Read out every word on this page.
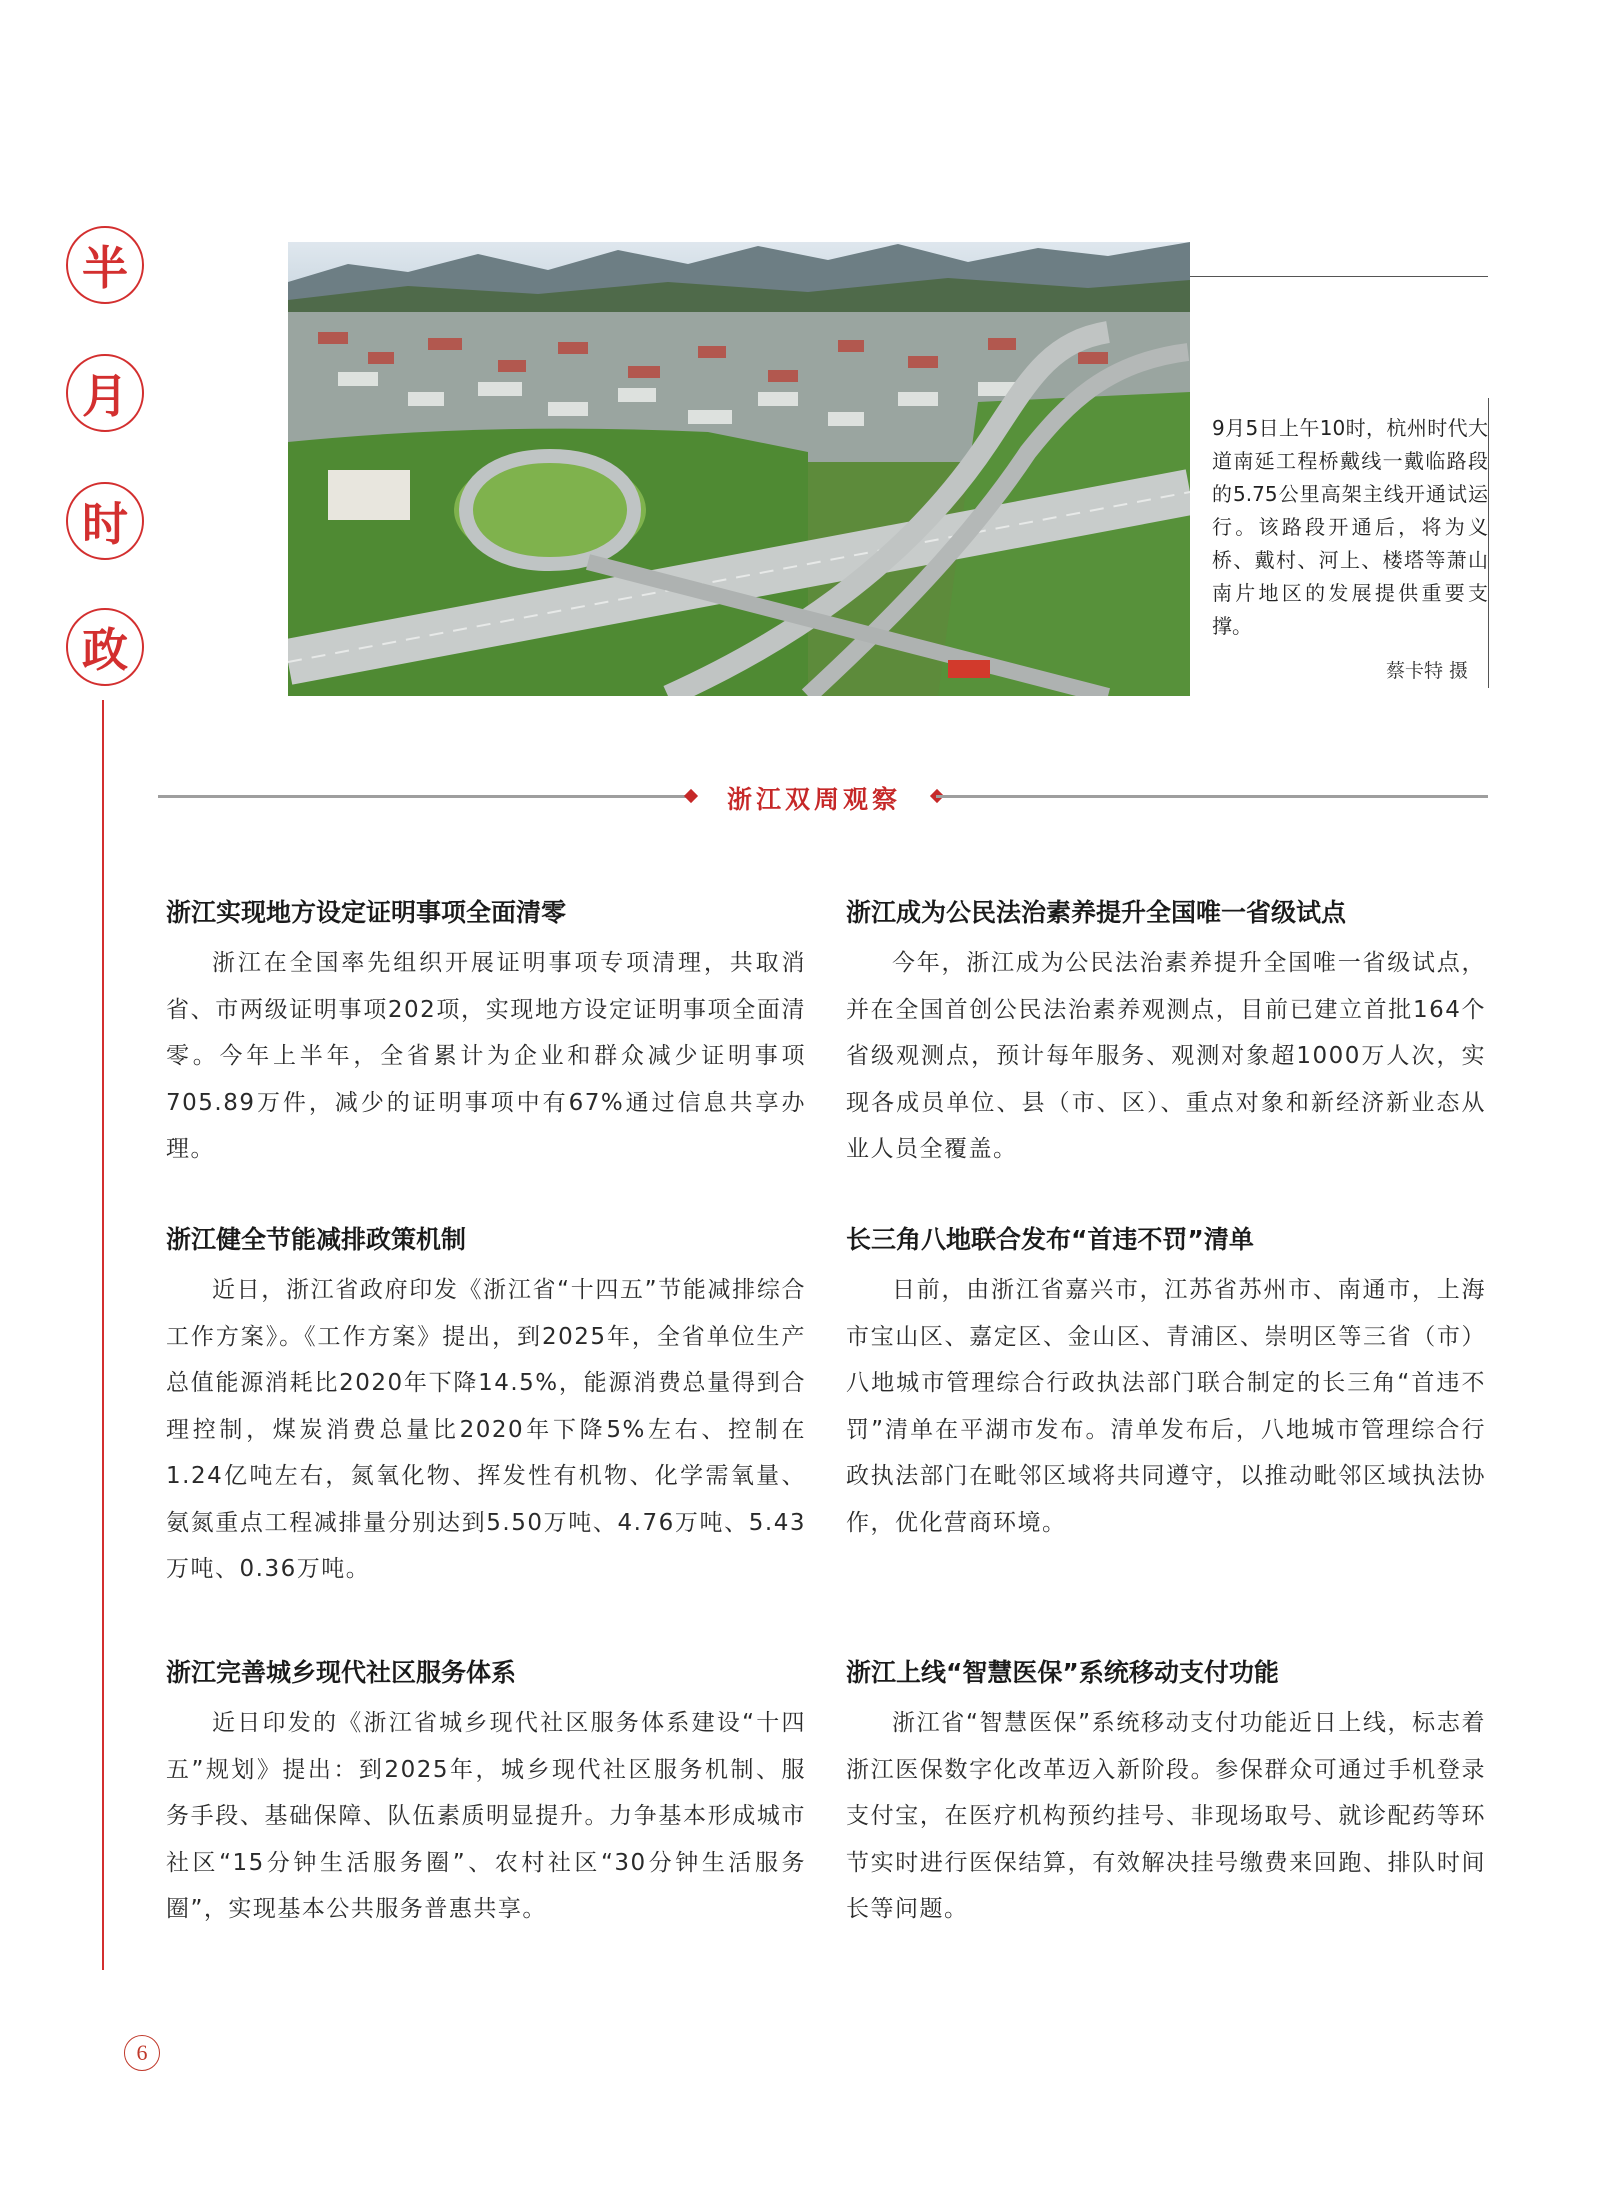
半
月
时
政
9月5日上午10时，杭州时代大道南延工程桥戴线一戴临路段的5.75公里高架主线开通试运行。该路段开通后，将为义桥、戴村、河上、楼塔等萧山南片地区的发展提供重要支撑。
蔡卡特 摄
浙江双周观察
浙江实现地方设定证明事项全面清零

浙江在全国率先组织开展证明事项专项清理，共取消省、市两级证明事项202项，实现地方设定证明事项全面清零。今年上半年，全省累计为企业和群众减少证明事项705.89万件，减少的证明事项中有67%通过信息共享办理。

浙江健全节能减排政策机制

近日，浙江省政府印发《浙江省“十四五”节能减排综合工作方案》。《工作方案》提出，到2025年，全省单位生产总值能源消耗比2020年下降14.5%，能源消费总量得到合理控制，煤炭消费总量比2020年下降5%左右、控制在1.24亿吨左右，氮氧化物、挥发性有机物、化学需氧量、氨氮重点工程减排量分别达到5.50万吨、4.76万吨、5.43万吨、0.36万吨。

浙江完善城乡现代社区服务体系

近日印发的《浙江省城乡现代社区服务体系建设“十四五”规划》提出：到2025年，城乡现代社区服务机制、服务手段、基础保障、队伍素质明显提升。力争基本形成城市社区“15分钟生活服务圈”、农村社区“30分钟生活服务圈”，实现基本公共服务普惠共享。

浙江成为公民法治素养提升全国唯一省级试点

今年，浙江成为公民法治素养提升全国唯一省级试点，并在全国首创公民法治素养观测点，目前已建立首批164个省级观测点，预计每年服务、观测对象超1000万人次，实现各成员单位、县（市、区）、重点对象和新经济新业态从业人员全覆盖。

长三角八地联合发布“首违不罚”清单

日前，由浙江省嘉兴市，江苏省苏州市、南通市，上海市宝山区、嘉定区、金山区、青浦区、崇明区等三省（市）八地城市管理综合行政执法部门联合制定的长三角“首违不罚”清单在平湖市发布。清单发布后，八地城市管理综合行政执法部门在毗邻区域将共同遵守，以推动毗邻区域执法协作，优化营商环境。

浙江上线“智慧医保”系统移动支付功能

浙江省“智慧医保”系统移动支付功能近日上线，标志着浙江医保数字化改革迈入新阶段。参保群众可通过手机登录支付宝，在医疗机构预约挂号、非现场取号、就诊配药等环节实时进行医保结算，有效解决挂号缴费来回跑、排队时间长等问题。

6
